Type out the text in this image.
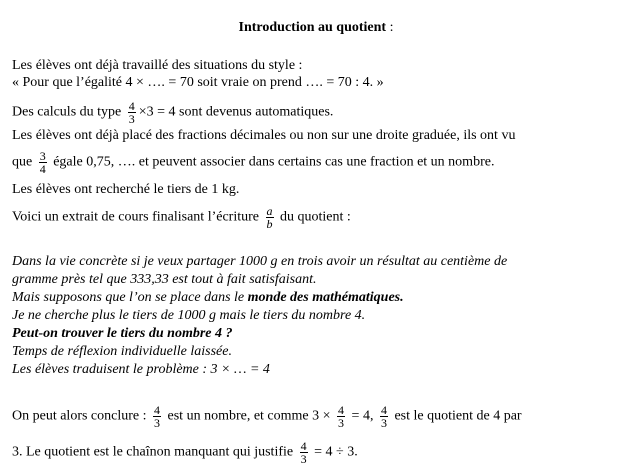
Introduction au quotient :
Les élèves ont déjà travaillé des situations du style :
« Pour que l’égalité 4 × …. = 70 soit vraie on prend …. = 70 : 4. »
Des calculs du type $\frac{4}{3} \times 3 = 4$ sont devenus automatiques.
Les élèves ont déjà placé des fractions décimales ou non sur une droite graduée, ils ont vu
que $\frac{3}{4}$ égale 0,75, …. et peuvent associer dans certains cas une fraction et un nombre.
Les élèves ont recherché le tiers de 1 kg.
Voici un extrait de cours finalisant l’écriture $\frac{a}{b}$ du quotient :
Dans la vie concrète si je veux partager 1000 g en trois avoir un résultat au centième de
gramme près tel que 333,33 est tout à fait satisfaisant.
Mais supposons que l’on se place dans le monde des mathématiques.
Je ne cherche plus le tiers de 1000 g mais le tiers du nombre 4.
Peut-on trouver le tiers du nombre 4 ?
Temps de réflexion individuelle laissée.
Les élèves traduisent le problème : 3 × … = 4
On peut alors conclure : $\frac{4}{3}$ est un nombre, et comme $3 \times \frac{4}{3} = 4$, $\frac{4}{3}$ est le quotient de 4 par
3. Le quotient est le chaînon manquant qui justifie $\frac{4}{3} = 4 \div 3$.
